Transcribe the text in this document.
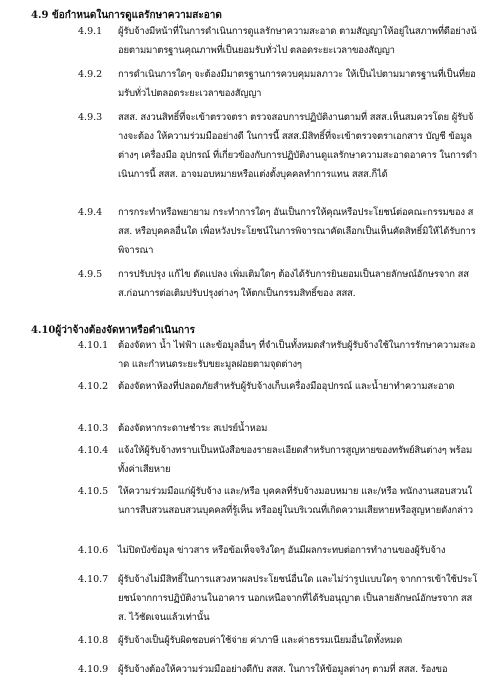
4.9 ข้อกำหนดในการดูแลรักษาความสะอาด
4.9.1 ผู้รับจ้างมีหน้าที่ในการดำเนินการดูแลรักษาความสะอาด ตามสัญญาให้อยู่ในสภาพที่ดีอย่างน้อยตามมาตรฐานคุณภาพที่เป็นยอมรับทั่วไป ตลอดระยะเวลาของสัญญา
4.9.2 การดำเนินการใดๆ จะต้องมีมาตรฐานการควบคุมมลภาวะ ให้เป็นไปตามมาตรฐานที่เป็นที่ยอมรับทั่วไปตลอดระยะเวลาของสัญญา
4.9.3 สสส. สงวนสิทธิ์ที่จะเข้าตรวจตรา ตรวจสอบการปฏิบัติงานตามที่ สสส.เห็นสมควรโดย ผู้รับจ้างจะต้อง ให้ความร่วมมืออย่างดี ในการนี้ สสส.มีสิทธิ์ที่จะเข้าตรวจตราเอกสาร บัญชี ข้อมูล ต่างๆ เครื่องมือ อุปกรณ์ ที่เกี่ยวข้องกับการปฏิบัติงานดูแลรักษาความสะอาดอาคาร ในการดำเนินการนี้ สสส. อาจมอบหมายหรือแต่งตั้งบุคคลทำการแทน สสส.ก็ได้
4.9.4 การกระทำหรือพยายาม กระทำการใดๆ อันเป็นการให้คุณหรือประโยชน์ต่อคณะกรรมของ สสส. หรือบุคคลอื่นใด เพื่อหวังประโยชน์ในการพิจารณาคัดเลือกเป็นเห็นคัดสิทธิ์มิให้ได้รับการพิจารณา
4.9.5 การปรับปรุง แก้ไข ดัดแปลง เพิ่มเติมใดๆ ต้องได้รับการยินยอมเป็นลายลักษณ์อักษรจาก สสส.ก่อนการต่อเติมปรับปรุงต่างๆ ให้ตกเป็นกรรมสิทธิ์ของ สสส.
4.10ผู้ว่าจ้างต้องจัดหาหรือดำเนินการ
4.10.1 ต้องจัดหา น้ำ ไฟฟ้า และข้อมูลอื่นๆ ที่จำเป็นทั้งหมดสำหรับผู้รับจ้างใช้ในการรักษาความสะอาด และกำหนดระยะรับขยะมูลฝอยตามจุดต่างๆ
4.10.2 ต้องจัดหาห้องที่ปลอดภัยสำหรับผู้รับจ้างเก็บเครื่องมืออุปกรณ์ และน้ำยาทำความสะอาด
4.10.3 ต้องจัดหากระดาษชำระ สเปรย์น้ำหอม
4.10.4 แจ้งให้ผู้รับจ้างทราบเป็นหนังสือของรายละเอียดสำหรับการสูญหายของทรัพย์สินต่างๆ พร้อมทั้งค่าเสียหาย
4.10.5 ให้ความร่วมมือแก่ผู้รับจ้าง และ/หรือ บุคคลที่รับจ้างมอบหมาย และ/หรือ พนักงานสอบสวนในการสืบสวนสอบสวนบุคคลที่รู้เห็น หรืออยู่ในบริเวณที่เกิดความเสียหายหรือสูญหายดังกล่าว
4.10.6 ไม่ปิดบังข้อมูล ข่าวสาร หรือข้อเท็จจริงใดๆ อันมีผลกระทบต่อการทำงานของผู้รับจ้าง
4.10.7 ผู้รับจ้างไม่มีสิทธิ์ในการแสวงหาผลประโยชน์อื่นใด และไม่ว่ารูปแบบใดๆ จากการเข้าใช้ประโยชน์จากการปฏิบัติงานในอาคาร นอกเหนือจากที่ได้รับอนุญาต เป็นลายลักษณ์อักษรจาก สสส. ไว้ชัดเจนแล้วเท่านั้น
4.10.8 ผู้รับจ้างเป็นผู้รับผิดชอบค่าใช้จ่าย ค่าภาษี และค่าธรรมเนียมอื่นใดทั้งหมด
4.10.9 ผู้รับจ้างต้องให้ความร่วมมืออย่างดีกับ สสส. ในการให้ข้อมูลต่างๆ ตามที่ สสส. ร้องขอ
